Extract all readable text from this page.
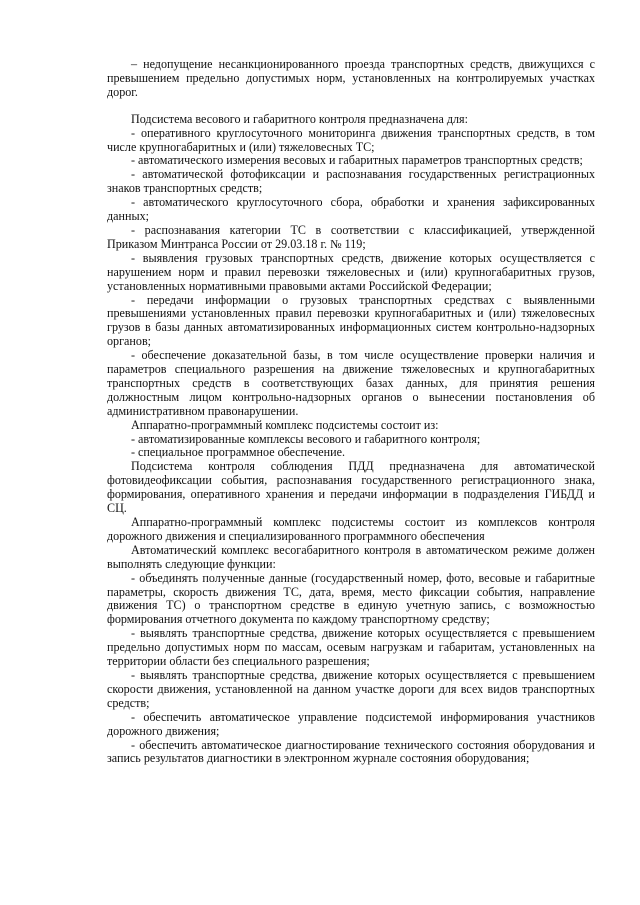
– недопущение несанкционированного проезда транспортных средств, движущихся с превышением предельно допустимых норм, установленных на контролируемых участках дорог.

Подсистема весового и габаритного контроля предназначена для:

- оперативного круглосуточного мониторинга движения транспортных средств, в том числе крупногабаритных и (или) тяжеловесных ТС;

- автоматического измерения весовых и габаритных параметров транспортных средств;

- автоматической фотофиксации и распознавания государственных регистрационных знаков транспортных средств;

- автоматического круглосуточного сбора, обработки и хранения зафиксированных данных;

- распознавания категории ТС в соответствии с классификацией, утвержденной Приказом Минтранса России от 29.03.18 г. № 119;

- выявления грузовых транспортных средств, движение которых осуществляется с нарушением норм и правил перевозки тяжеловесных и (или) крупногабаритных грузов, установленных нормативными правовыми актами Российской Федерации;

- передачи информации о грузовых транспортных средствах с выявленными превышениями установленных правил перевозки крупногабаритных и (или) тяжеловесных грузов в базы данных автоматизированных информационных систем контрольно-надзорных органов;

- обеспечение доказательной базы, в том числе осуществление проверки наличия и параметров специального разрешения на движение тяжеловесных и крупногабаритных транспортных средств в соответствующих базах данных, для принятия решения должностным лицом контрольно-надзорных органов о вынесении постановления об административном правонарушении.

Аппаратно-программный комплекс подсистемы состоит из:

- автоматизированные комплексы весового и габаритного контроля;

- специальное программное обеспечение.

Подсистема контроля соблюдения ПДД предназначена для автоматической фотовидеофиксации события, распознавания государственного регистрационного знака, формирования, оперативного хранения и передачи информации в подразделения ГИБДД и СЦ.

Аппаратно-программный комплекс подсистемы состоит из комплексов контроля дорожного движения и специализированного программного обеспечения

Автоматический комплекс весогабаритного контроля в автоматическом режиме должен выполнять следующие функции:

- объединять полученные данные (государственный номер, фото, весовые и габаритные параметры, скорость движения ТС, дата, время, место фиксации события, направление движения ТС) о транспортном средстве в единую учетную запись, с возможностью формирования отчетного документа по каждому транспортному средству;

- выявлять транспортные средства, движение которых осуществляется с превышением предельно допустимых норм по массам, осевым нагрузкам и габаритам, установленных на территории области без специального разрешения;

- выявлять транспортные средства, движение которых осуществляется с превышением скорости движения, установленной на данном участке дороги для всех видов транспортных средств;

- обеспечить автоматическое управление подсистемой информирования участников дорожного движения;

- обеспечить автоматическое диагностирование технического состояния оборудования и запись результатов диагностики в электронном журнале состояния оборудования;
